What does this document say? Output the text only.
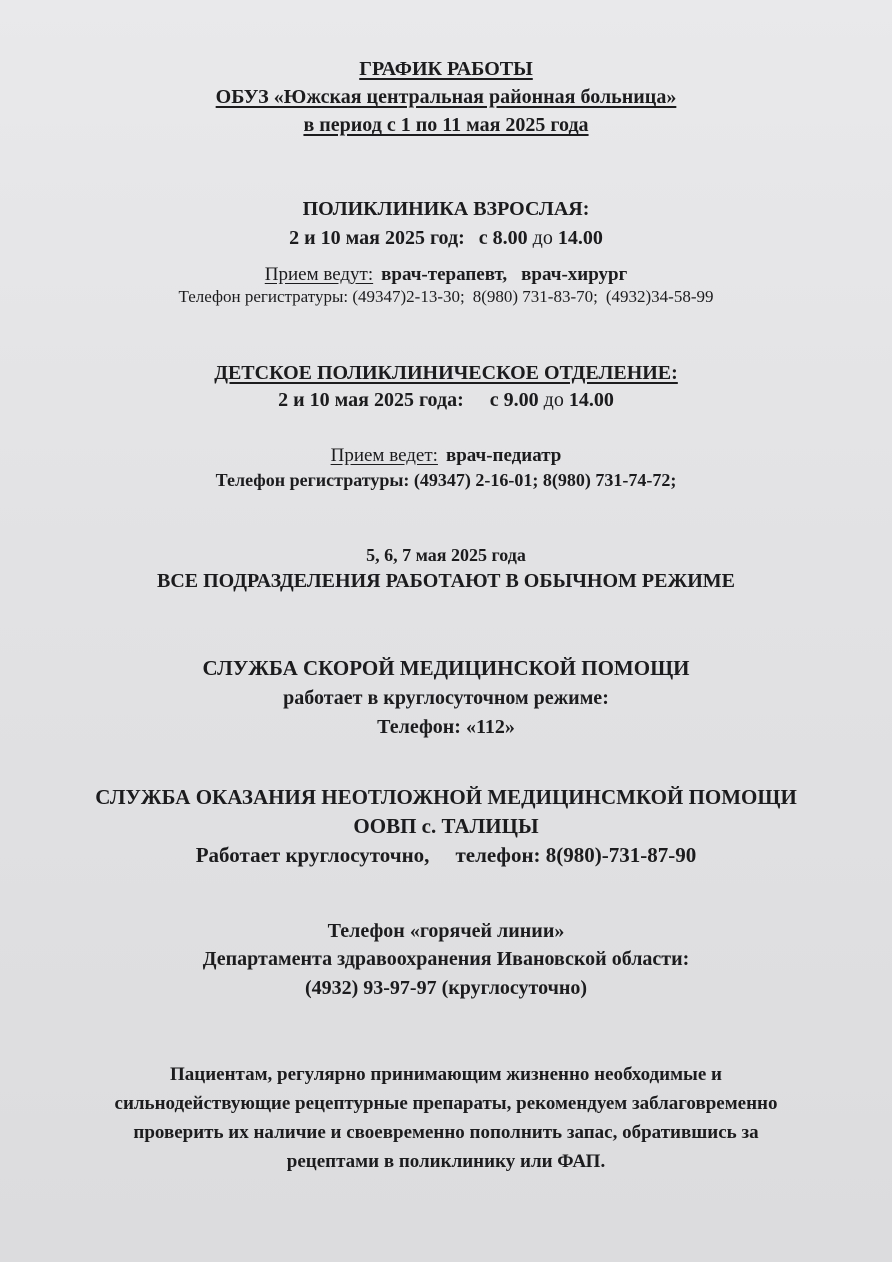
ГРАФИК РАБОТЫ
ОБУЗ «Южская центральная районная больница»
в период с 1 по 11 мая 2025 года
ПОЛИКЛИНИКА ВЗРОСЛАЯ:
2 и 10 мая 2025 год: с 8.00 до 14.00
Прием ведут: врач-терапевт, врач-хирург
Телефон регистратуры: (49347)2-13-30; 8(980) 731-83-70; (4932)34-58-99
ДЕТСКОЕ ПОЛИКЛИНИЧЕСКОЕ ОТДЕЛЕНИЕ:
2 и 10 мая 2025 года: с 9.00 до 14.00
Прием ведет: врач-педиатр
Телефон регистратуры: (49347) 2-16-01; 8(980) 731-74-72;
5, 6, 7 мая 2025 года
ВСЕ ПОДРАЗДЕЛЕНИЯ РАБОТАЮТ В ОБЫЧНОМ РЕЖИМЕ
СЛУЖБА СКОРОЙ МЕДИЦИНСКОЙ ПОМОЩИ
работает в круглосуточном режиме:
Телефон: «112»
СЛУЖБА ОКАЗАНИЯ НЕОТЛОЖНОЙ МЕДИЦИНСМКОЙ ПОМОЩИ
ООВП с. ТАЛИЦЫ
Работает круглосуточно, телефон: 8(980)-731-87-90
Телефон «горячей линии»
Департамента здравоохранения Ивановской области:
(4932) 93-97-97 (круглосуточно)
Пациентам, регулярно принимающим жизненно необходимые и
сильнодействующие рецептурные препараты, рекомендуем заблаговременно
проверить их наличие и своевременно пополнить запас, обратившись за
рецептами в поликлинику или ФАП.
